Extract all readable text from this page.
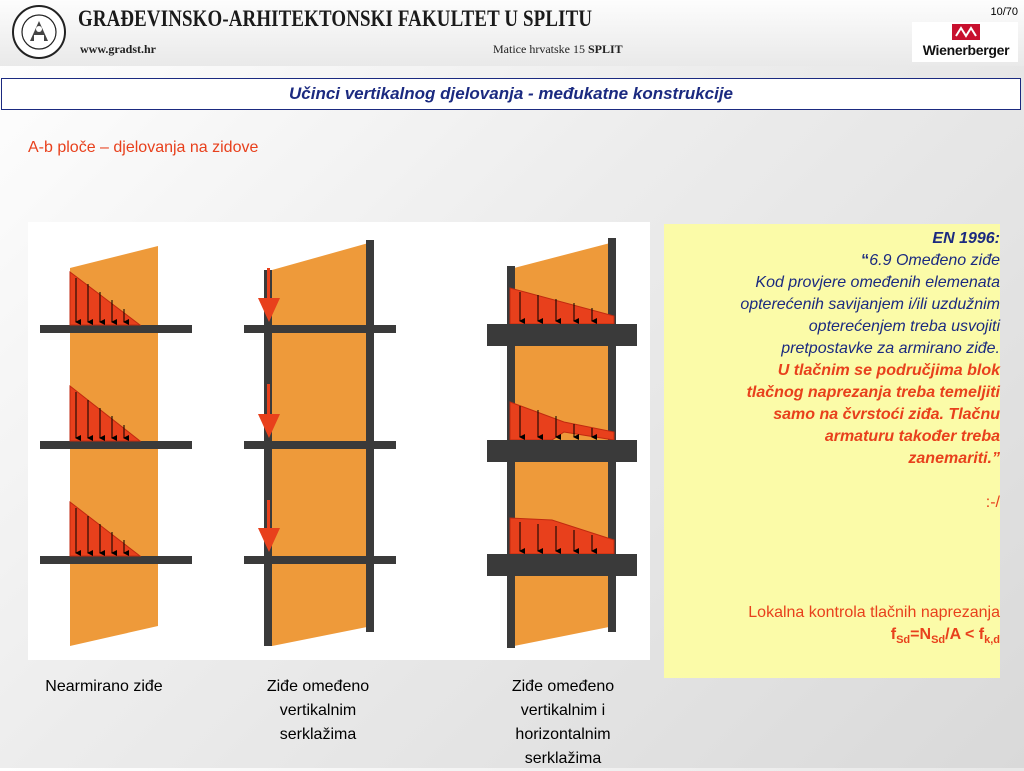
GRAĐEVINSKO-ARHITEKTONSKI FAKULTET U SPLITU
www.gradst.hr	Matice hrvatske 15 SPLIT
10/70
Wienerberger
Učinci vertikalnog djelovanja - međukatne konstrukcije
A-b ploče – djelovanja na zidove
Nearmirano ziđe	Ziđe omeđeno
vertikalnim
serklažima
Ziđe omeđeno
vertikalnim i
horizontalnim
serklažima

EN 1996:

“6.9 Omeđeno ziđe

Kod provjere omeđenih elemenata

opterećenih savijanjem i/ili uzdužnim

opterećenjem treba usvojiti

pretpostavke za armirano ziđe.

U tlačnim se područjima blok

tlačnog naprezanja treba temeljiti

samo na čvrstoći ziđa. Tlačnu

armaturu također treba

zanemariti.”

:-/

Lokalna kontrola tlačnih naprezanja

$f_{Sd}=N_{Sd}/A < f_{k,d}$
